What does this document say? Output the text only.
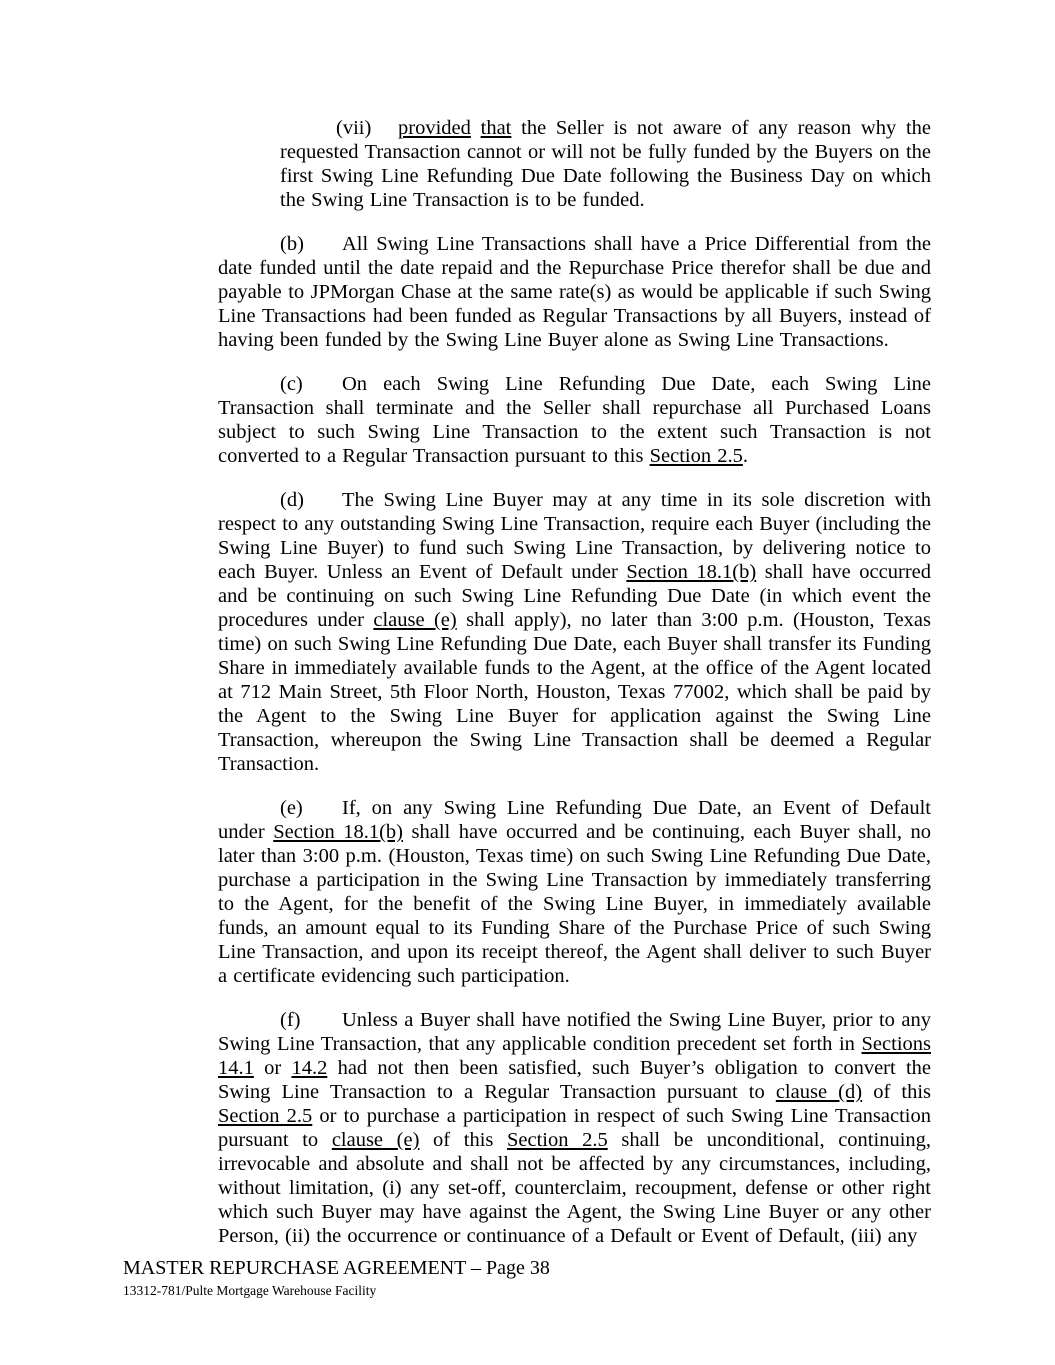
(vii) provided that the Seller is not aware of any reason why the requested Transaction cannot or will not be fully funded by the Buyers on the first Swing Line Refunding Due Date following the Business Day on which the Swing Line Transaction is to be funded.

(b) All Swing Line Transactions shall have a Price Differential from the date funded until the date repaid and the Repurchase Price therefor shall be due and payable to JPMorgan Chase at the same rate(s) as would be applicable if such Swing Line Transactions had been funded as Regular Transactions by all Buyers, instead of having been funded by the Swing Line Buyer alone as Swing Line Transactions.

(c) On each Swing Line Refunding Due Date, each Swing Line Transaction shall terminate and the Seller shall repurchase all Purchased Loans subject to such Swing Line Transaction to the extent such Transaction is not converted to a Regular Transaction pursuant to this Section 2.5.

(d) The Swing Line Buyer may at any time in its sole discretion with respect to any outstanding Swing Line Transaction, require each Buyer (including the Swing Line Buyer) to fund such Swing Line Transaction, by delivering notice to each Buyer. Unless an Event of Default under Section 18.1(b) shall have occurred and be continuing on such Swing Line Refunding Due Date (in which event the procedures under clause (e) shall apply), no later than 3:00 p.m. (Houston, Texas time) on such Swing Line Refunding Due Date, each Buyer shall transfer its Funding Share in immediately available funds to the Agent, at the office of the Agent located at 712 Main Street, 5th Floor North, Houston, Texas 77002, which shall be paid by the Agent to the Swing Line Buyer for application against the Swing Line Transaction, whereupon the Swing Line Transaction shall be deemed a Regular Transaction.

(e) If, on any Swing Line Refunding Due Date, an Event of Default under Section 18.1(b) shall have occurred and be continuing, each Buyer shall, no later than 3:00 p.m. (Houston, Texas time) on such Swing Line Refunding Due Date, purchase a participation in the Swing Line Transaction by immediately transferring to the Agent, for the benefit of the Swing Line Buyer, in immediately available funds, an amount equal to its Funding Share of the Purchase Price of such Swing Line Transaction, and upon its receipt thereof, the Agent shall deliver to such Buyer a certificate evidencing such participation.

(f) Unless a Buyer shall have notified the Swing Line Buyer, prior to any Swing Line Transaction, that any applicable condition precedent set forth in Sections 14.1 or 14.2 had not then been satisfied, such Buyer’s obligation to convert the Swing Line Transaction to a Regular Transaction pursuant to clause (d) of this Section 2.5 or to purchase a participation in respect of such Swing Line Transaction pursuant to clause (e) of this Section 2.5 shall be unconditional, continuing, irrevocable and absolute and shall not be affected by any circumstances, including, without limitation, (i) any set-off, counterclaim, recoupment, defense or other right which such Buyer may have against the Agent, the Swing Line Buyer or any other Person, (ii) the occurrence or continuance of a Default or Event of Default, (iii) any

MASTER REPURCHASE AGREEMENT – Page 38
13312-781/Pulte Mortgage Warehouse Facility
